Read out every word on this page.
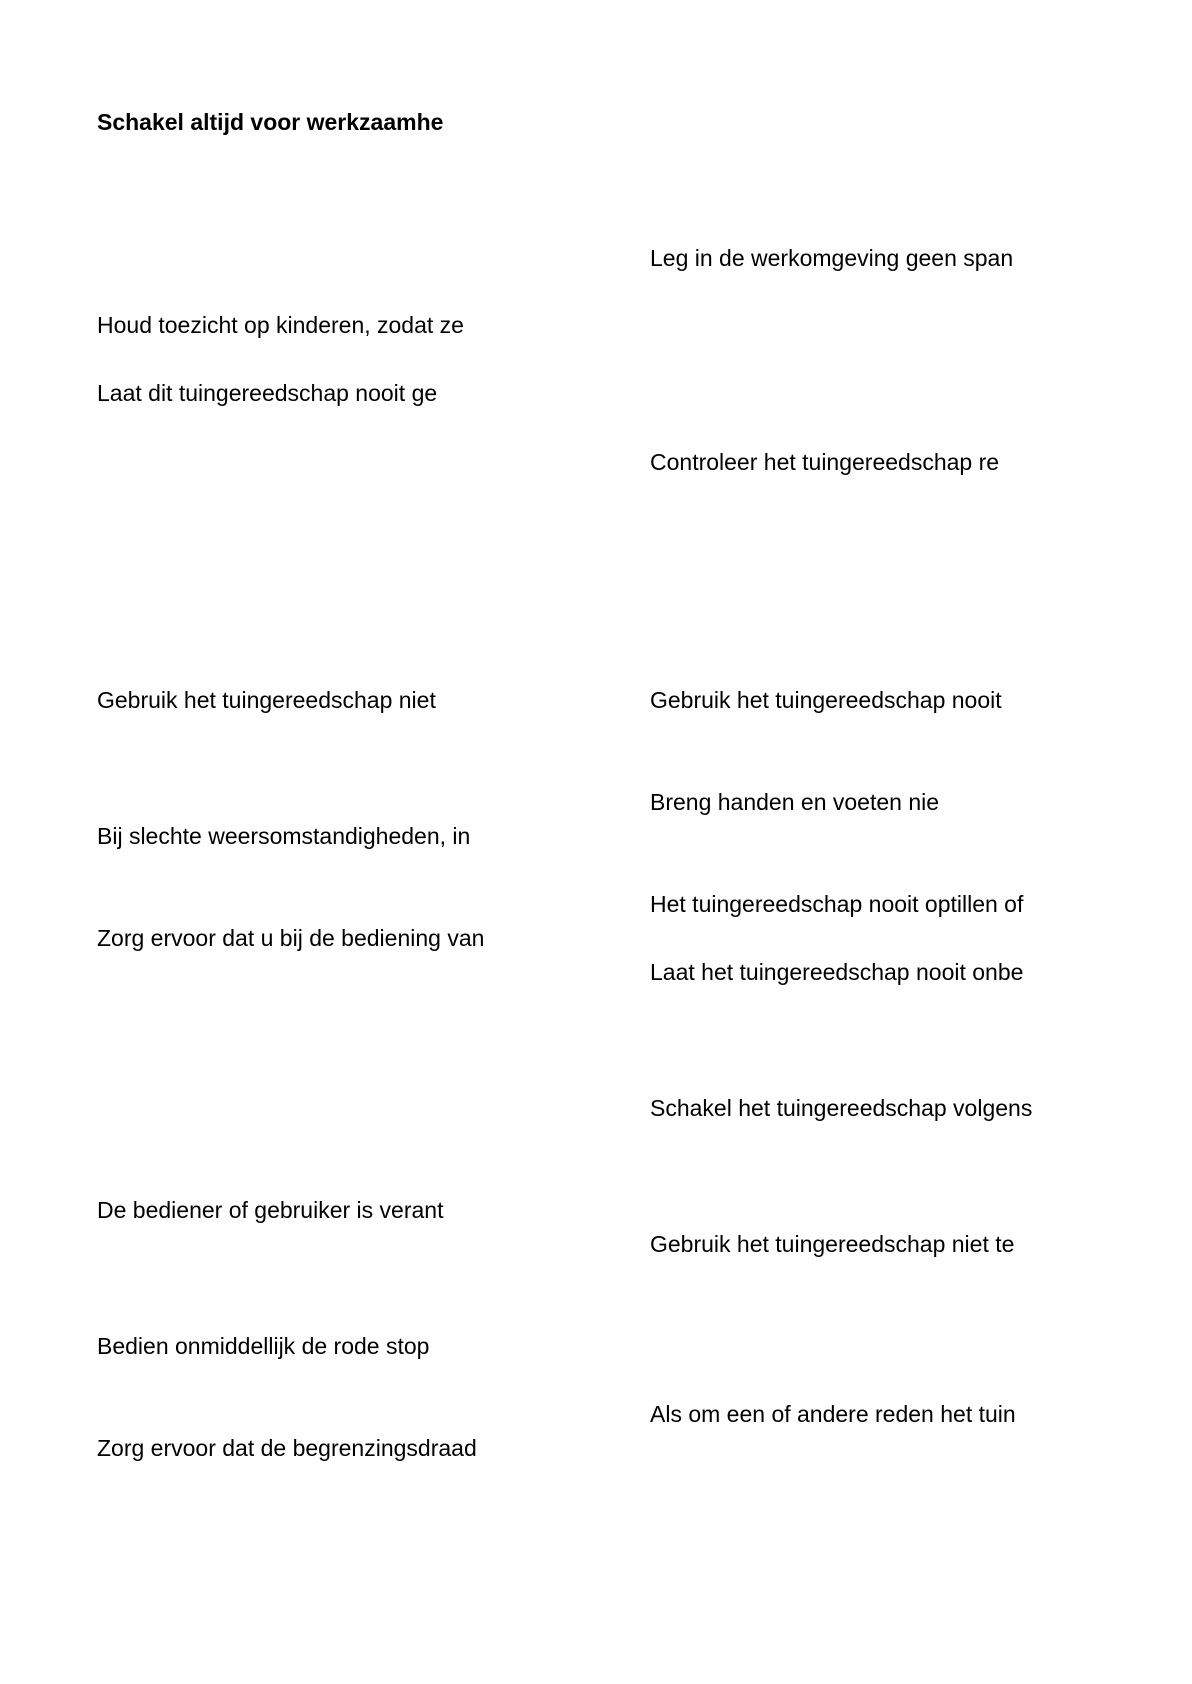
Schakel altijd voor werkzaamhe
Houd toezicht op kinderen, zodat ze
Laat dit tuingereedschap nooit ge
Gebruik het tuingereedschap niet
Bij slechte weersomstandigheden, in
Zorg ervoor dat u bij de bediening van
De bediener of gebruiker is verant
Bedien onmiddellijk de rode stop
Zorg ervoor dat de begrenzingsdraad
Leg in de werkomgeving geen span
Controleer het tuingereedschap re
Gebruik het tuingereedschap nooit
Breng handen en voeten nie
Het tuingereedschap nooit optillen of
Laat het tuingereedschap nooit onbe
Schakel het tuingereedschap volgens
Gebruik het tuingereedschap niet te
Als om een of andere reden het tuin
